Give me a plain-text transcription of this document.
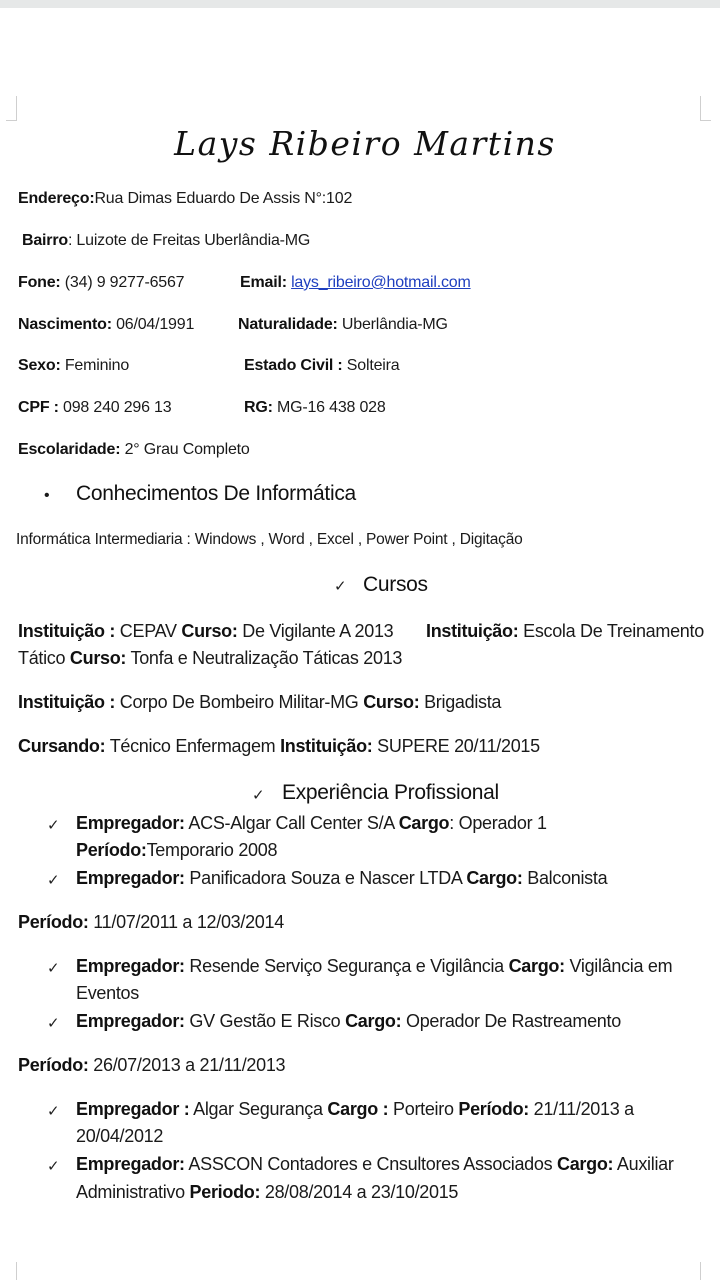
Lays Ribeiro Martins
Endereço:Rua Dimas Eduardo De Assis N°:102
Bairro: Luizote de Freitas Uberlândia-MG
Fone: (34) 9 9277-6567	Email: lays_ribeiro@hotmail.com
Nascimento: 06/04/1991	Naturalidade: Uberlândia-MG
Sexo: Feminino	Estado Civil : Solteira
CPF : 098 240 296 13	RG: MG-16 438 028
Escolaridade: 2° Grau Completo
• Conhecimentos De Informática
Informática Intermediaria : Windows , Word , Excel , Power Point , Digitação
✓ Cursos
Instituição : CEPAV Curso: De Vigilante A 2013 Instituição: Escola De Treinamento
Tático Curso: Tonfa e Neutralização Táticas 2013
Instituição : Corpo De Bombeiro Militar-MG Curso: Brigadista
Cursando: Técnico Enfermagem Instituição: SUPERE 20/11/2015
✓ Experiência Profissional
✓ Empregador: ACS-Algar Call Center S/A Cargo: Operador 1
Período:Temporario 2008
✓ Empregador: Panificadora Souza e Nascer LTDA Cargo: Balconista
Período: 11/07/2011 a 12/03/2014
✓ Empregador: Resende Serviço Segurança e Vigilância Cargo: Vigilância em
Eventos
✓ Empregador: GV Gestão E Risco Cargo: Operador De Rastreamento
Período: 26/07/2013 a 21/11/2013
✓ Empregador : Algar Segurança Cargo : Porteiro Período: 21/11/2013 a
20/04/2012
✓ Empregador: ASSCON Contadores e Cnsultores Associados Cargo: Auxiliar
Administrativo Periodo: 28/08/2014 a 23/10/2015
